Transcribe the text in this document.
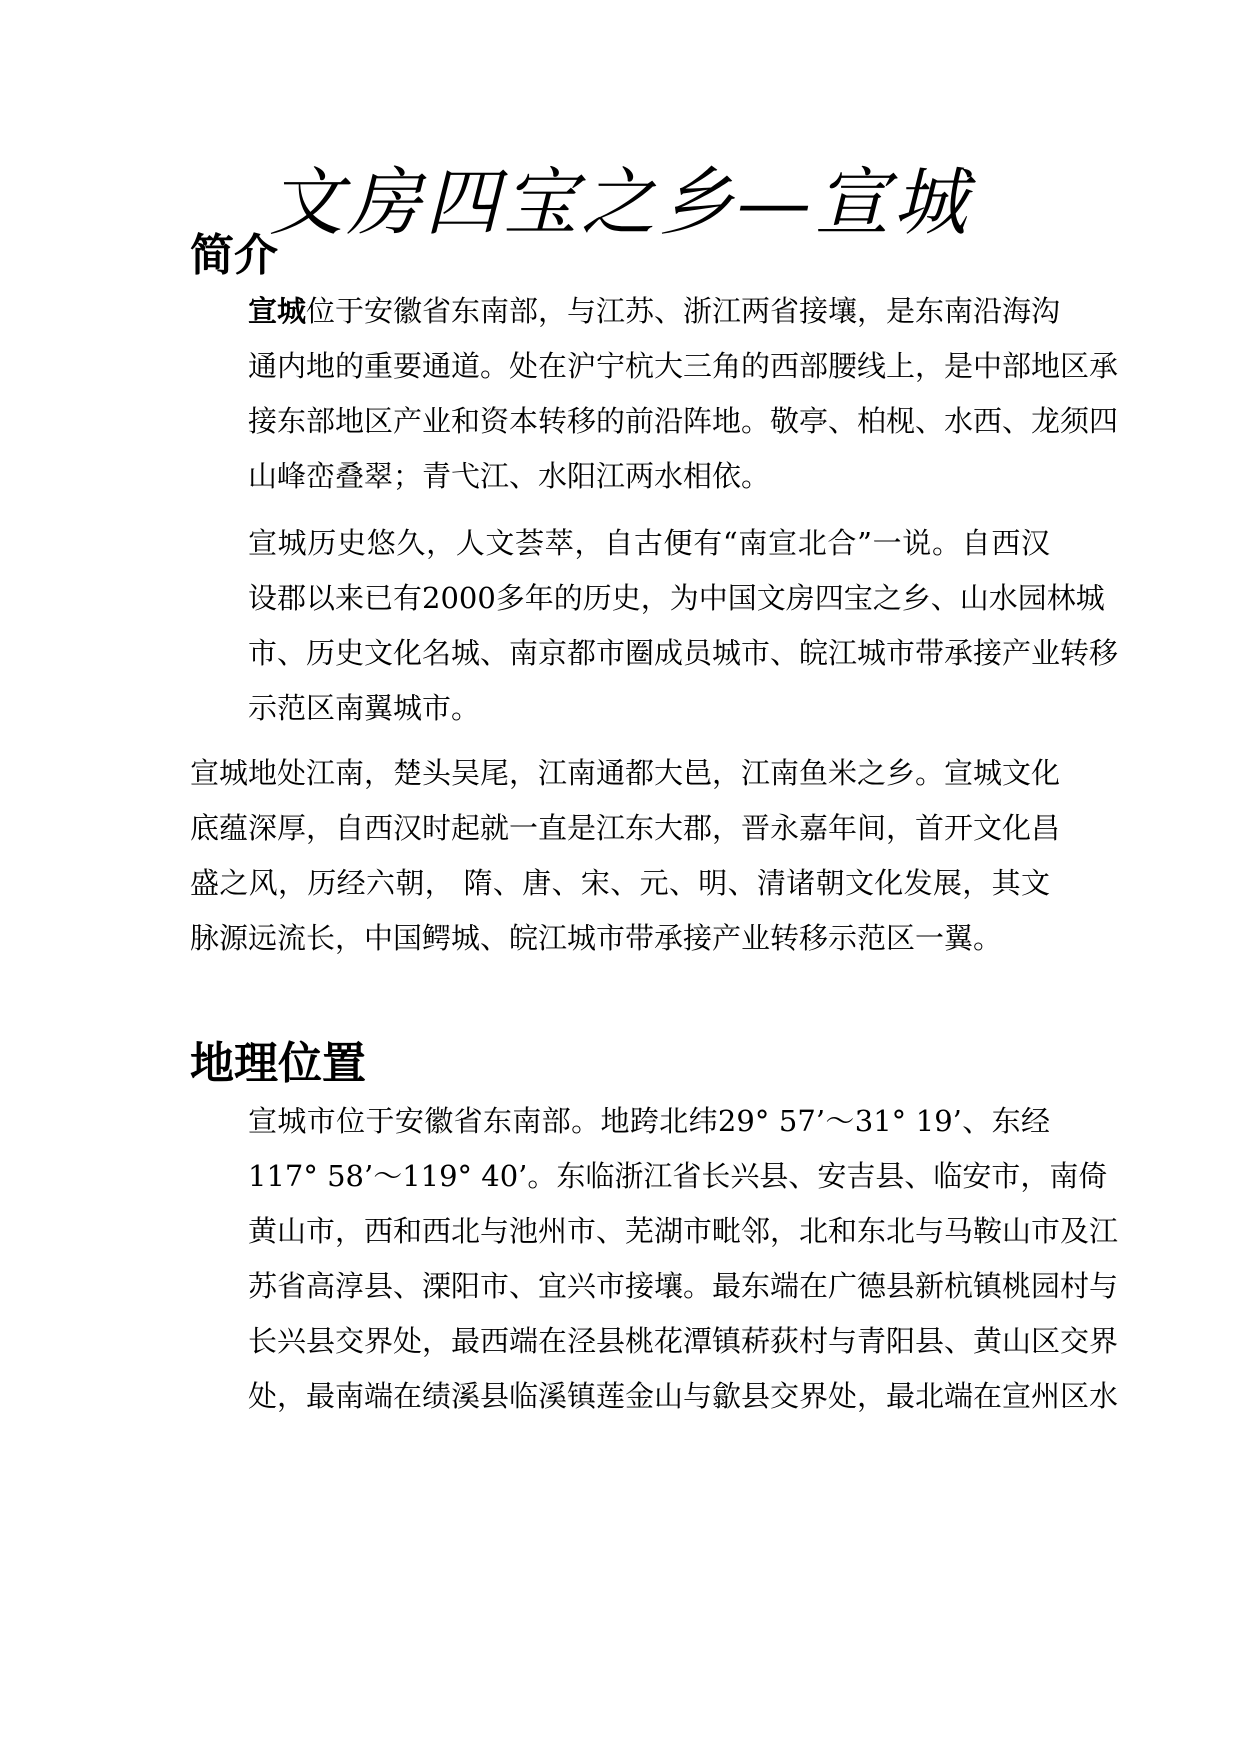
文房四宝之乡—宣城
简介

宣城位于安徽省东南部，与江苏、浙江两省接壤，是东南沿海沟
通内地的重要通道。处在沪宁杭大三角的西部腰线上，是中部地区承
接东部地区产业和资本转移的前沿阵地。敬亭、柏枧、水西、龙须四
山峰峦叠翠；青弋江、水阳江两水相依。

宣城历史悠久，人文荟萃，自古便有“南宣北合”一说。自西汉
设郡以来已有2000多年的历史，为中国文房四宝之乡、山水园林城
市、历史文化名城、南京都市圈成员城市、皖江城市带承接产业转移
示范区南翼城市。

宣城地处江南，楚头吴尾，江南通都大邑，江南鱼米之乡。宣城文化
底蕴深厚，自西汉时起就一直是江东大郡，晋永嘉年间，首开文化昌
盛之风，历经六朝， 隋、唐、宋、元、明、清诸朝文化发展，其文
脉源远流长，中国鳄城、皖江城市带承接产业转移示范区一翼。

地理位置

宣城市位于安徽省东南部。地跨北纬29° 57’～31° 19’、东经
117° 58’～119° 40’。东临浙江省长兴县、安吉县、临安市，南倚
黄山市，西和西北与池州市、芜湖市毗邻，北和东北与马鞍山市及江
苏省高淳县、溧阳市、宜兴市接壤。最东端在广德县新杭镇桃园村与
长兴县交界处，最西端在泾县桃花潭镇菥荻村与青阳县、黄山区交界
处，最南端在绩溪县临溪镇莲金山与歙县交界处，最北端在宣州区水
